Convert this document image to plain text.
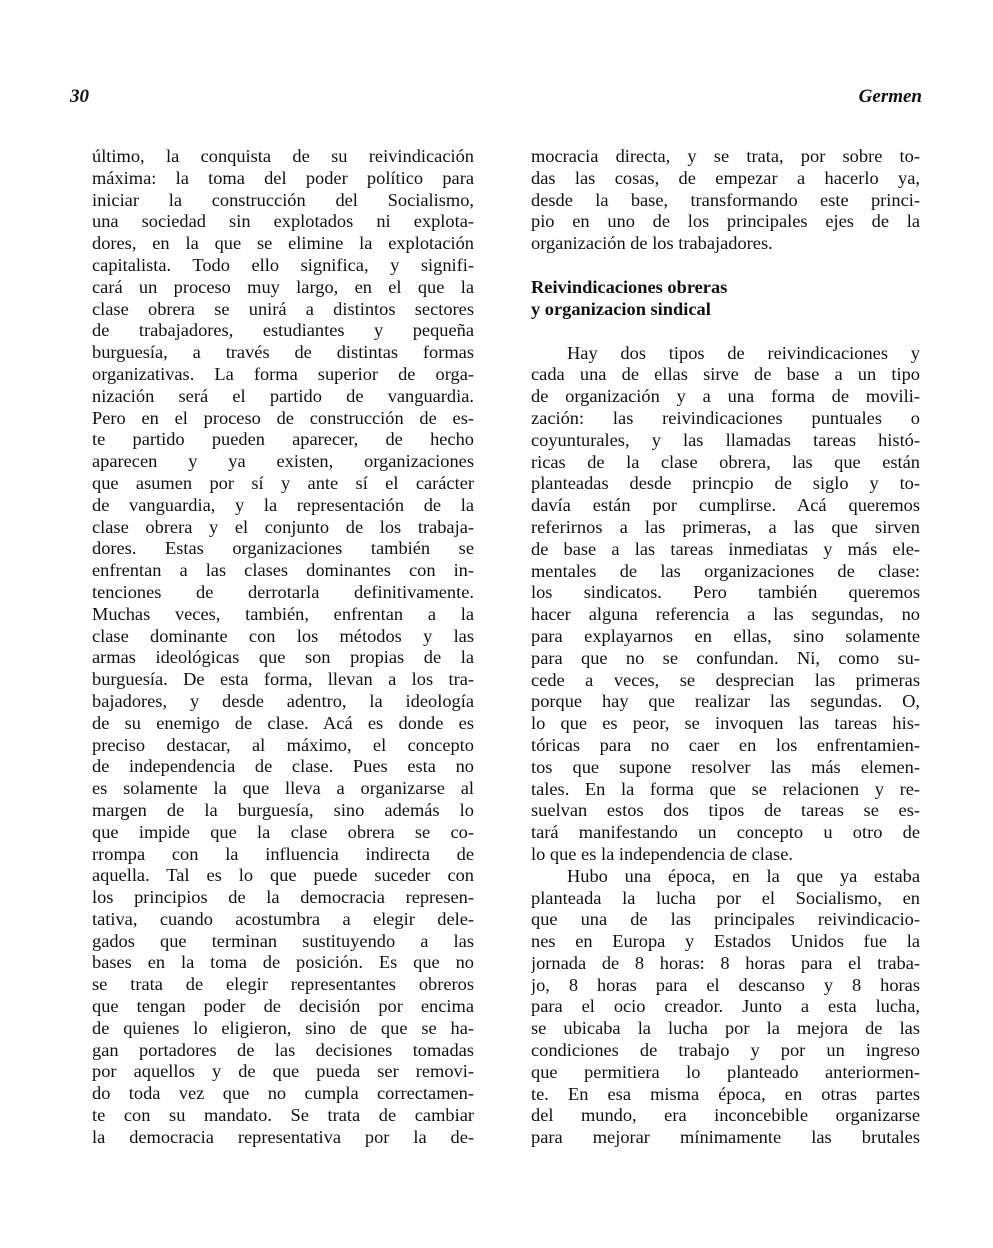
30	Germen
último, la conquista de su reivindicación
máxima: la toma del poder político para
iniciar la construcción del Socialismo,
una sociedad sin explotados ni explota-
dores, en la que se elimine la explotación
capitalista. Todo ello significa, y signifi-
cará un proceso muy largo, en el que la
clase obrera se unirá a distintos sectores
de trabajadores, estudiantes y pequeña
burguesía, a través de distintas formas
organizativas. La forma superior de orga-
nización será el partido de vanguardia.
Pero en el proceso de construcción de es-
te partido pueden aparecer, de hecho
aparecen y ya existen, organizaciones
que asumen por sí y ante sí el carácter
de vanguardia, y la representación de la
clase obrera y el conjunto de los trabaja-
dores. Estas organizaciones también se
enfrentan a las clases dominantes con in-
tenciones de derrotarla definitivamente.
Muchas veces, también, enfrentan a la
clase dominante con los métodos y las
armas ideológicas que son propias de la
burguesía. De esta forma, llevan a los tra-
bajadores, y desde adentro, la ideología
de su enemigo de clase. Acá es donde es
preciso destacar, al máximo, el concepto
de independencia de clase. Pues esta no
es solamente la que lleva a organizarse al
margen de la burguesía, sino además lo
que impide que la clase obrera se co-
rrompa con la influencia indirecta de
aquella. Tal es lo que puede suceder con
los principios de la democracia represen-
tativa, cuando acostumbra a elegir dele-
gados que terminan sustituyendo a las
bases en la toma de posición. Es que no
se trata de elegir representantes obreros
que tengan poder de decisión por encima
de quienes lo eligieron, sino de que se ha-
gan portadores de las decisiones tomadas
por aquellos y de que pueda ser removi-
do toda vez que no cumpla correctamen-
te con su mandato. Se trata de cambiar
la democracia representativa por la de-
mocracia directa, y se trata, por sobre to-
das las cosas, de empezar a hacerlo ya,
desde la base, transformando este princi-
pio en uno de los principales ejes de la
organización de los trabajadores.
Reivindicaciones obreras
y organizacion sindical
Hay dos tipos de reivindicaciones y
cada una de ellas sirve de base a un tipo
de organización y a una forma de movili-
zación: las reivindicaciones puntuales o
coyunturales, y las llamadas tareas histó-
ricas de la clase obrera, las que están
planteadas desde princpio de siglo y to-
davía están por cumplirse. Acá queremos
referirnos a las primeras, a las que sirven
de base a las tareas inmediatas y más ele-
mentales de las organizaciones de clase:
los sindicatos. Pero también queremos
hacer alguna referencia a las segundas, no
para explayarnos en ellas, sino solamente
para que no se confundan. Ni, como su-
cede a veces, se desprecian las primeras
porque hay que realizar las segundas. O,
lo que es peor, se invoquen las tareas his-
tóricas para no caer en los enfrentamien-
tos que supone resolver las más elemen-
tales. En la forma que se relacionen y re-
suelvan estos dos tipos de tareas se es-
tará manifestando un concepto u otro de
lo que es la independencia de clase.
Hubo una época, en la que ya estaba
planteada la lucha por el Socialismo, en
que una de las principales reivindicacio-
nes en Europa y Estados Unidos fue la
jornada de 8 horas: 8 horas para el traba-
jo, 8 horas para el descanso y 8 horas
para el ocio creador. Junto a esta lucha,
se ubicaba la lucha por la mejora de las
condiciones de trabajo y por un ingreso
que permitiera lo planteado anteriormen-
te. En esa misma época, en otras partes
del mundo, era inconcebible organizarse
para mejorar mínimamente las brutales
